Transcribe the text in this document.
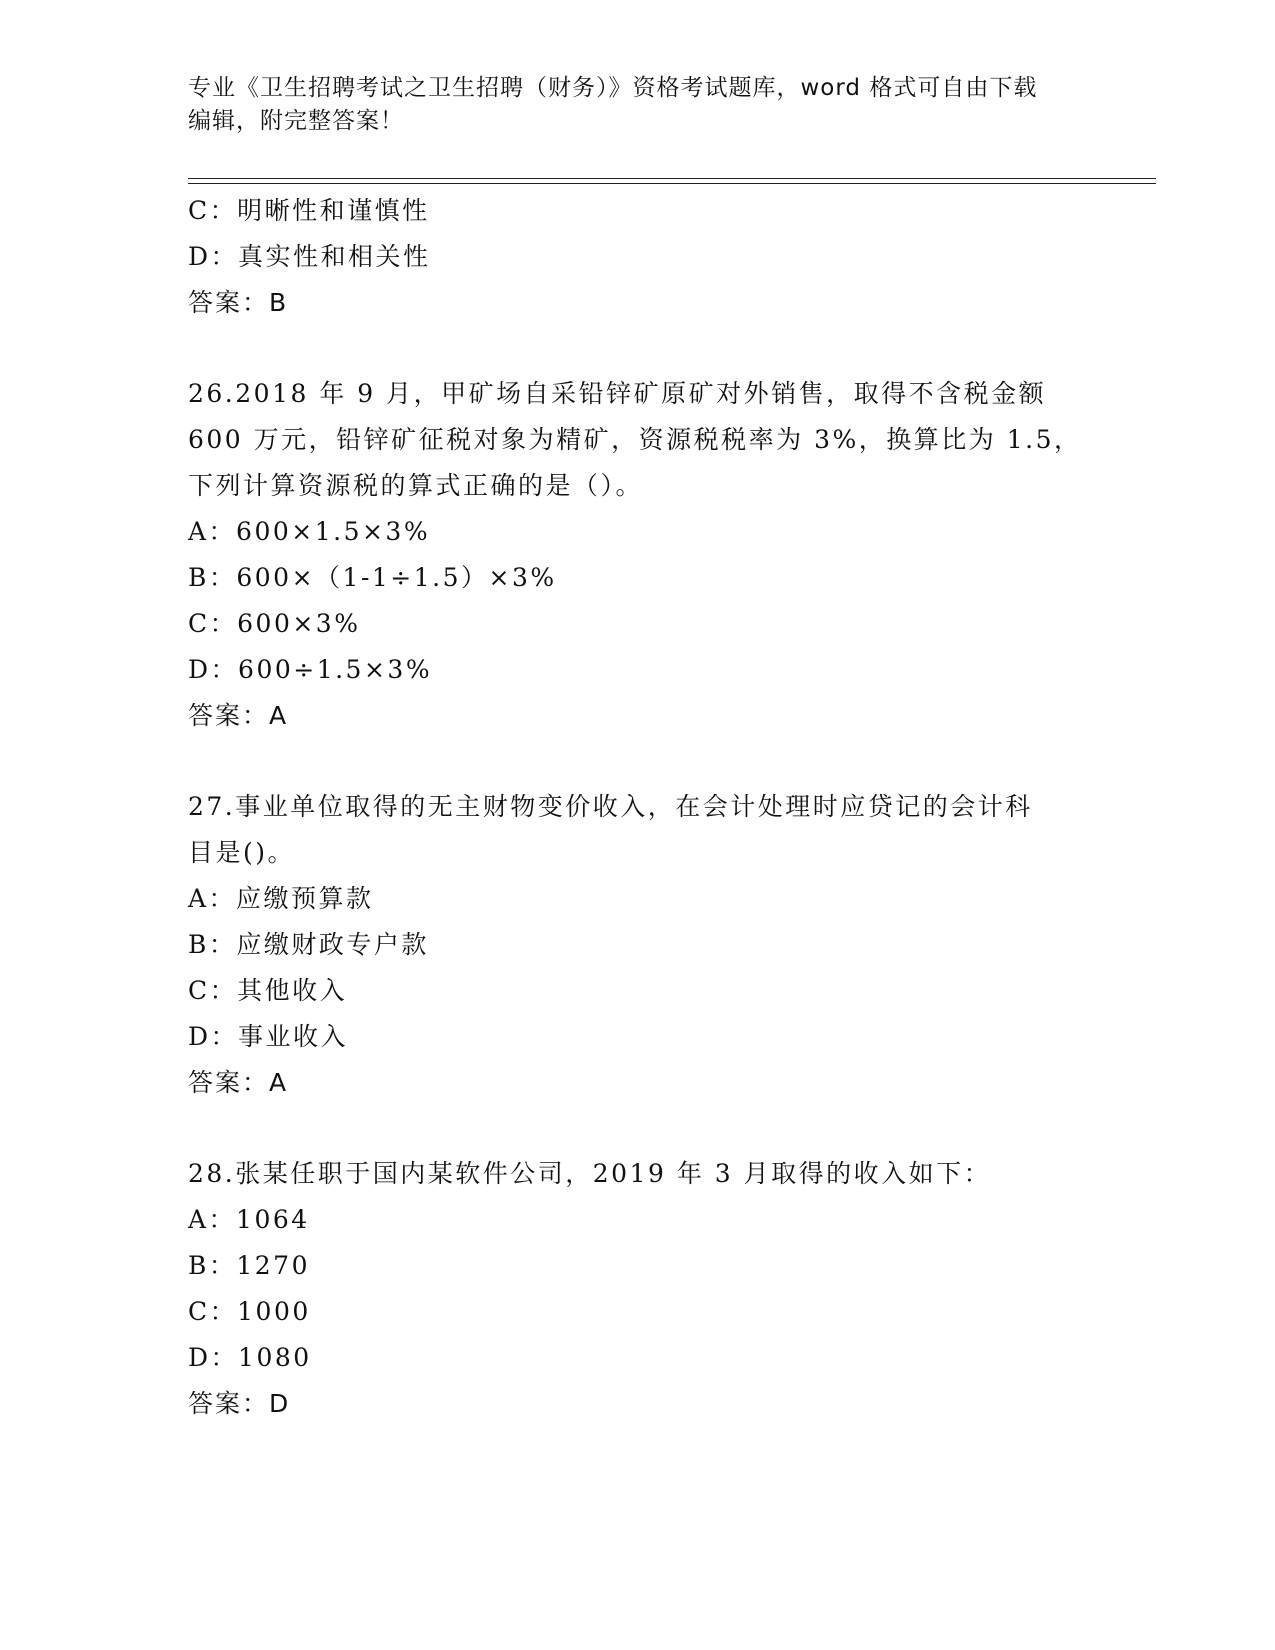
专业《卫生招聘考试之卫生招聘（财务）》资格考试题库，word 格式可自由下载
编辑，附完整答案！
C：明晰性和谨慎性
D：真实性和相关性
答案：B
26.2018 年 9 月，甲矿场自采铅锌矿原矿对外销售，取得不含税金额
600 万元，铅锌矿征税对象为精矿，资源税税率为 3%，换算比为 1.5，
下列计算资源税的算式正确的是（）。
A：600×1.5×3%
B：600×（1-1÷1.5）×3%
C：600×3%
D：600÷1.5×3%
答案：A
27.事业单位取得的无主财物变价收入，在会计处理时应贷记的会计科
目是()。
A：应缴预算款
B：应缴财政专户款
C：其他收入
D：事业收入
答案：A
28.张某任职于国内某软件公司，2019 年 3 月取得的收入如下：
A：1064
B：1270
C：1000
D：1080
答案：D
